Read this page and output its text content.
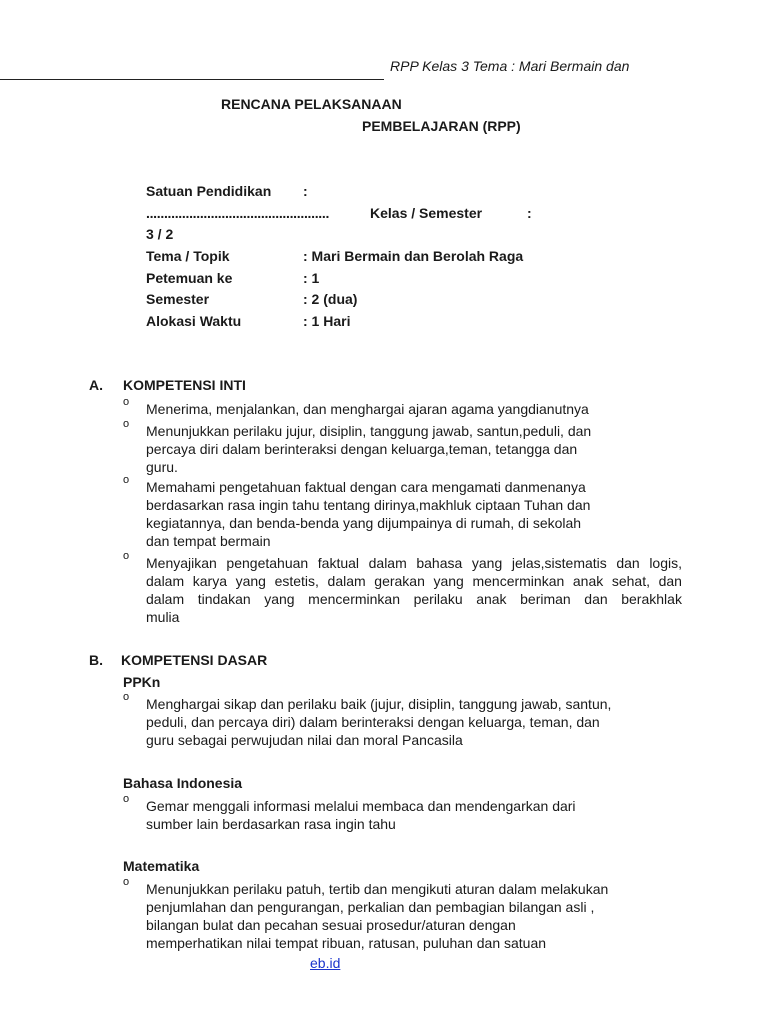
RPP Kelas 3 Tema : Mari Bermain dan
RENCANA PELAKSANAAN
PEMBELAJARAN (RPP)
Satuan Pendidikan :
...................................................	Kelas / Semester	:
3 / 2
Tema / Topik	: Mari Bermain dan Berolah Raga
Petemuan ke	: 1
Semester	: 2 (dua)
Alokasi Waktu	: 1 Hari
A. KOMPETENSI INTI
o Menerima, menjalankan, dan menghargai ajaran agama yangdianutnya
o Menunjukkan perilaku jujur, disiplin, tanggung jawab, santun,peduli, dan
percaya diri dalam berinteraksi dengan keluarga,teman, tetangga dan
guru.
o Memahami pengetahuan faktual dengan cara mengamati danmenanya
berdasarkan rasa ingin tahu tentang dirinya,makhluk ciptaan Tuhan dan
kegiatannya, dan benda-benda yang dijumpainya di rumah, di sekolah
dan tempat bermain
o Menyajikan pengetahuan faktual dalam bahasa yang jelas,sistematis dan logis,
dalam karya yang estetis, dalam gerakan yang mencerminkan anak sehat, dan
dalam tindakan yang mencerminkan perilaku anak beriman dan berakhlak
mulia
B. KOMPETENSI DASAR
PPKn
o Menghargai sikap dan perilaku baik (jujur, disiplin, tanggung jawab, santun,
peduli, dan percaya diri) dalam berinteraksi dengan keluarga, teman, dan
guru sebagai perwujudan nilai dan moral Pancasila
Bahasa Indonesia
o Gemar menggali informasi melalui membaca dan mendengarkan dari
sumber lain berdasarkan rasa ingin tahu
Matematika
o Menunjukkan perilaku patuh, tertib dan mengikuti aturan dalam melakukan
penjumlahan dan pengurangan, perkalian dan pembagian bilangan asli ,
bilangan bulat dan pecahan sesuai prosedur/aturan dengan
memperhatikan nilai tempat ribuan, ratusan, puluhan dan satuan
eb.id
